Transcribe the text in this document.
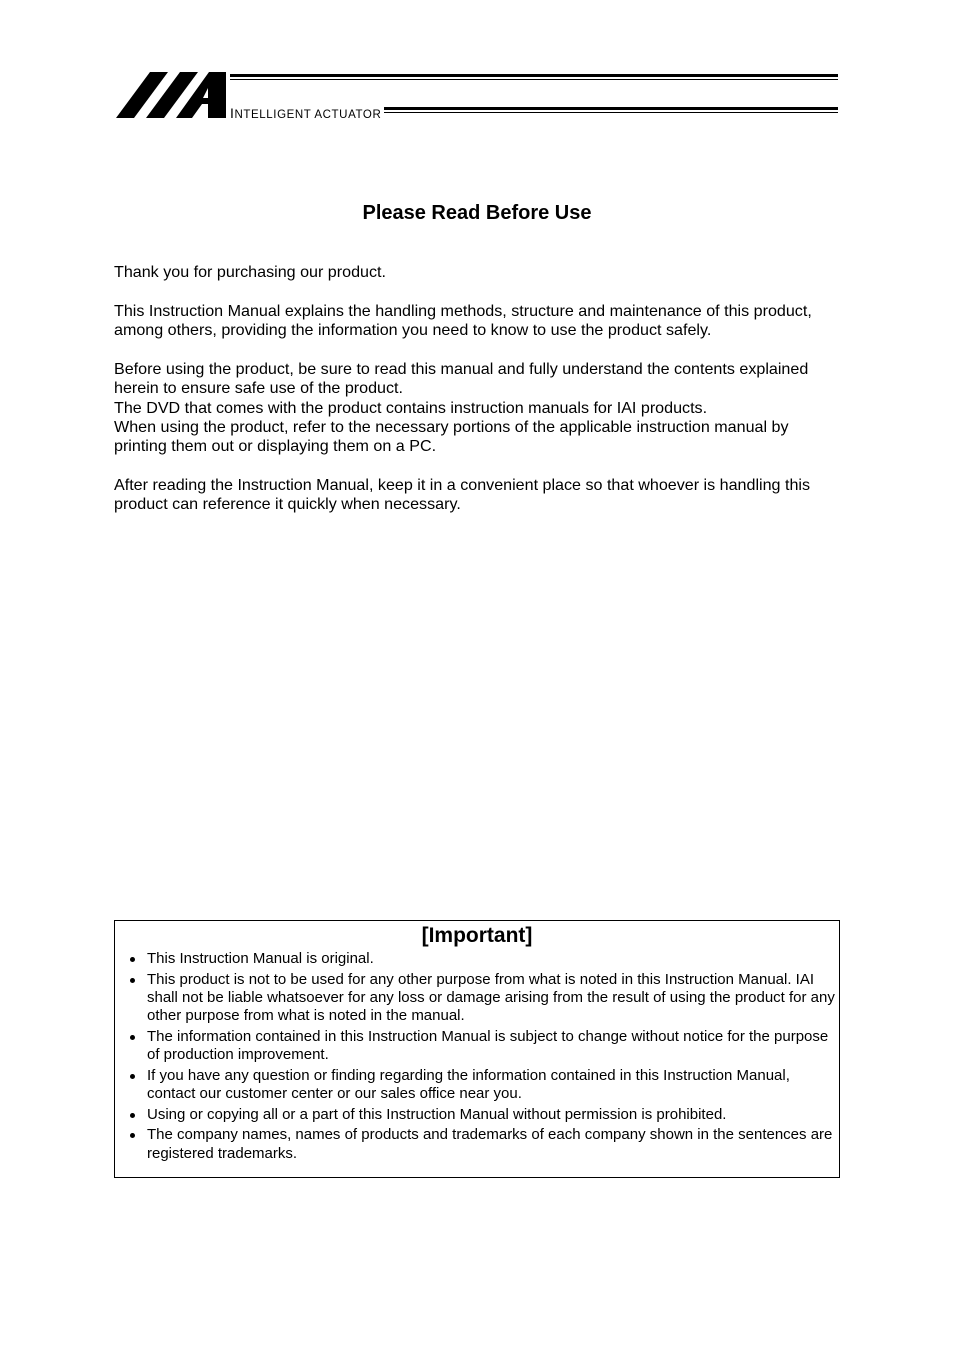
INTELLIGENT ACTUATOR
Please Read Before Use

Thank you for purchasing our product.

This Instruction Manual explains the handling methods, structure and maintenance of this product, among others, providing the information you need to know to use the product safely.

Before using the product, be sure to read this manual and fully understand the contents explained herein to ensure safe use of the product.
The DVD that comes with the product contains instruction manuals for IAI products.
When using the product, refer to the necessary portions of the applicable instruction manual by printing them out or displaying them on a PC.

After reading the Instruction Manual, keep it in a convenient place so that whoever is handling this product can reference it quickly when necessary.

[Important]
This Instruction Manual is original.
This product is not to be used for any other purpose from what is noted in this Instruction Manual. IAI shall not be liable whatsoever for any loss or damage arising from the result of using the product for any other purpose from what is noted in the manual.
The information contained in this Instruction Manual is subject to change without notice for the purpose of production improvement.
If you have any question or finding regarding the information contained in this Instruction Manual, contact our customer center or our sales office near you.
Using or copying all or a part of this Instruction Manual without permission is prohibited.
The company names, names of products and trademarks of each company shown in the sentences are registered trademarks.
